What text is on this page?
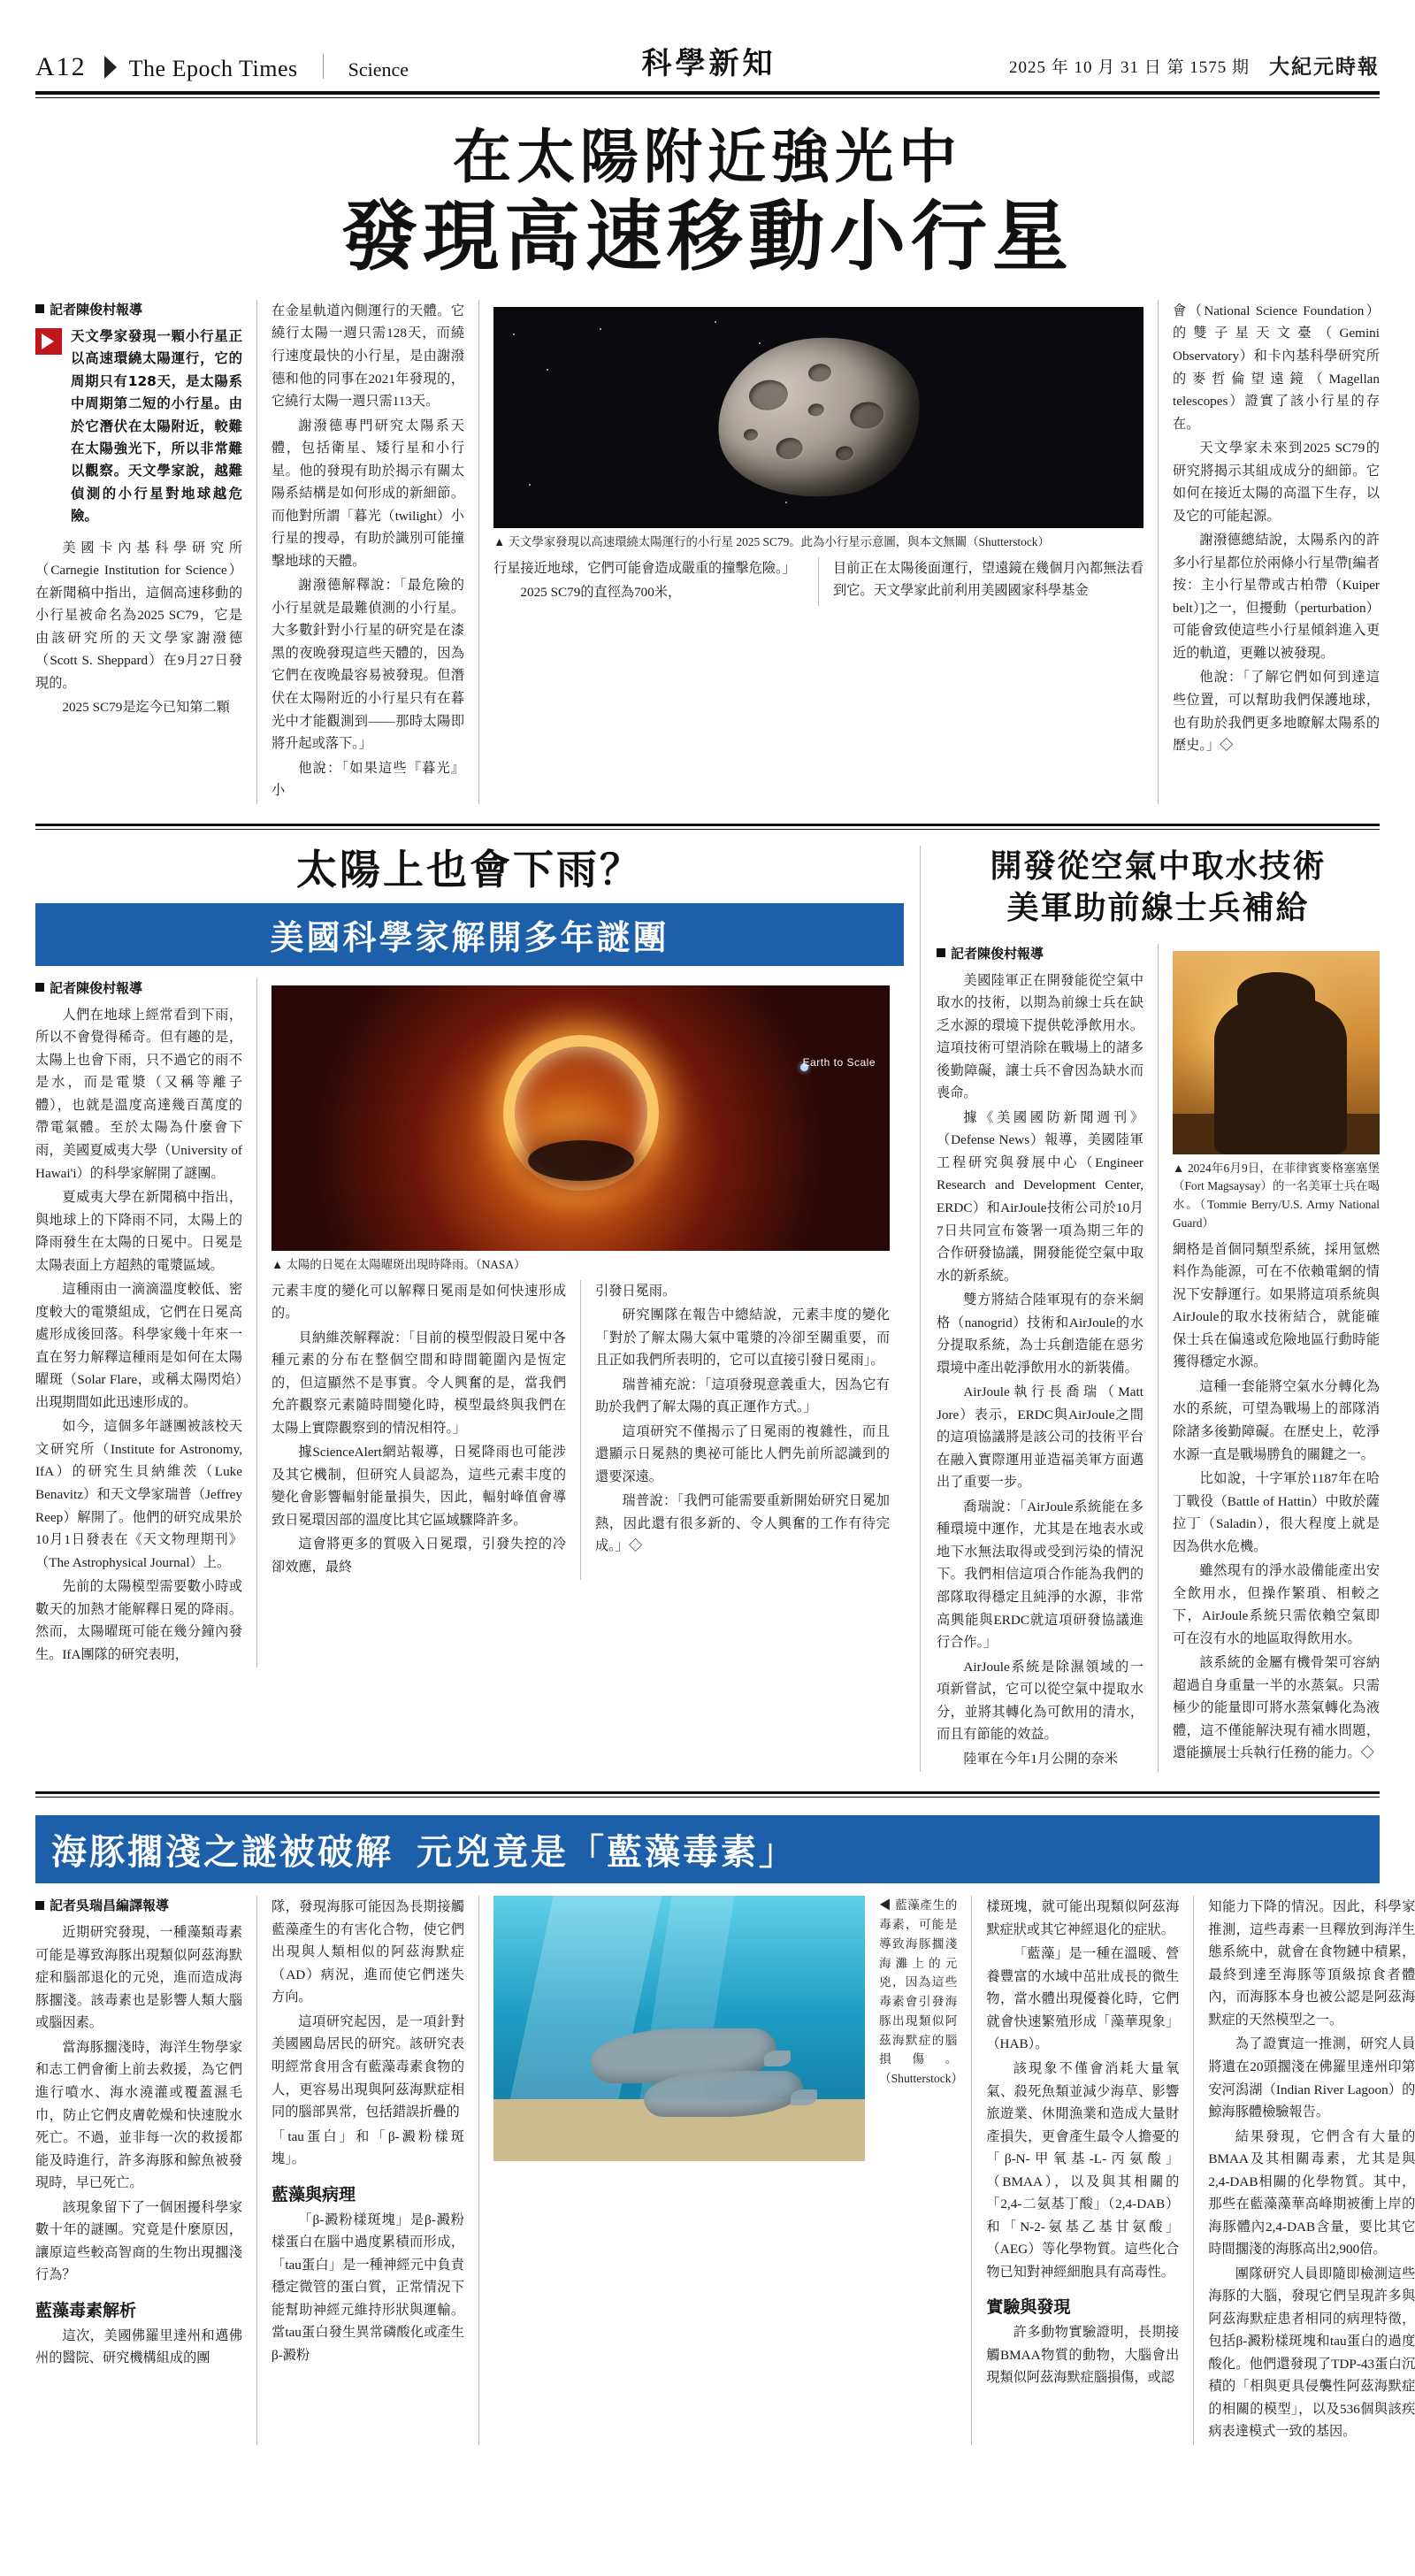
A12 The Epoch Times	Science	科學新知	2025 年 10 月 31 日 第 1575 期 大紀元時報
在太陽附近強光中
發現高速移動小行星
記者陳俊村報導
天文學家發現一顆小行星正以高速環繞太陽運行，它的周期只有128天，是太陽系中周期第二短的小行星。由於它潛伏在太陽附近，較難在太陽強光下，所以非常難以觀察。天文學家說，越難偵測的小行星對地球越危險。

美國卡內基科學研究所（Carnegie Institution for Science）在新聞稿中指出，這個高速移動的小行星被命名為2025 SC79，它是由該研究所的天文學家謝潑德（Scott S. Sheppard）在9月27日發現的。

2025 SC79是迄今已知第二顆

在金星軌道內側運行的天體。它繞行太陽一週只需128天，而繞行速度最快的小行星，是由謝潑德和他的同事在2021年發現的，它繞行太陽一週只需113天。

謝潑德專門研究太陽系天體，包括衛星、矮行星和小行星。他的發現有助於揭示有關太陽系結構是如何形成的新細節。而他對所謂「暮光（twilight）小行星的搜尋，有助於識別可能撞擊地球的天體。

謝潑德解釋說：「最危險的小行星就是最難偵測的小行星。大多數針對小行星的研究是在漆黑的夜晚發現這些天體的，因為它們在夜晚最容易被發現。但潛伏在太陽附近的小行星只有在暮光中才能觀測到——那時太陽即將升起或落下。」

他說：「如果這些『暮光』小

▲ 天文學家發現以高速環繞太陽運行的小行星 2025 SC79。此為小行星示意圖，與本文無關（Shutterstock）

行星接近地球，它們可能會造成嚴重的撞擊危險。」

2025 SC79的直徑為700米，

目前正在太陽後面運行，望遠鏡在幾個月內都無法看到它。天文學家此前利用美國國家科學基金

會（National Science Foundation）的雙子星天文臺（Gemini Observatory）和卡內基科學研究所的麥哲倫望遠鏡（Magellan telescopes）證實了該小行星的存在。

天文學家未來到2025 SC79的研究將揭示其組成成分的細節。它如何在接近太陽的高溫下生存，以及它的可能起源。

謝潑德總結說，太陽系內的許多小行星都位於兩條小行星帶[編者按：主小行星帶或古柏帶（Kuiper belt）]之一，但擾動（perturbation）可能會致使這些小行星傾斜進入更近的軌道，更難以被發現。

他說：「了解它們如何到達這些位置，可以幫助我們保護地球，也有助於我們更多地瞭解太陽系的歷史。」◇

太陽上也會下雨？
美國科學家解開多年謎團
記者陳俊村報導

人們在地球上經常看到下雨，所以不會覺得稀奇。但有趣的是，太陽上也會下雨，只不過它的雨不是水，而是電漿（又稱等離子體），也就是溫度高達幾百萬度的帶電氣體。至於太陽為什麼會下雨，美國夏威夷大學（University of Hawai'i）的科學家解開了謎團。

夏威夷大學在新聞稿中指出，與地球上的下降雨不同，太陽上的降雨發生在太陽的日冕中。日冕是太陽表面上方超熱的電漿區域。

這種雨由一滴滴溫度較低、密度較大的電漿組成，它們在日冕高處形成後回落。科學家幾十年來一直在努力解釋這種雨是如何在太陽曜斑（Solar Flare，或稱太陽閃焰）出現期間如此迅速形成的。

如今，這個多年謎團被該校天文研究所（Institute for Astronomy, IfA）的研究生貝納維茨（Luke Benavitz）和天文學家瑞普（Jeffrey Reep）解開了。他們的研究成果於10月1日發表在《天文物理期刊》（The Astrophysical Journal）上。

先前的太陽模型需要數小時或數天的加熱才能解釋日冕的降雨。然而，太陽曜斑可能在幾分鐘內發生。IfA團隊的研究表明，

Earth to Scale
▲ 太陽的日冕在太陽曜斑出現時降雨。（NASA）

元素丰度的變化可以解釋日冕雨是如何快速形成的。

貝納維茨解釋說：「目前的模型假設日冕中各種元素的分布在整個空間和時間範圍內是恆定的，但這顯然不是事實。令人興奮的是，當我們允許觀察元素隨時間變化時，模型最終與我們在太陽上實際觀察到的情況相符。」

據ScienceAlert網站報導，日冕降雨也可能涉及其它機制，但研究人員認為，這些元素丰度的變化會影響輻射能量損失，因此，輻射峰值會導致日冕環因部的溫度比其它區域驟降許多。

這會將更多的質吸入日冕環，引發失控的冷卻效應，最終

引發日冕雨。

研究團隊在報告中總結說，元素丰度的變化「對於了解太陽大氣中電漿的冷卻至關重要，而且正如我們所表明的，它可以直接引發日冕雨」。

瑞普補充說：「這項發現意義重大，因為它有助於我們了解太陽的真正運作方式。」

這項研究不僅揭示了日冕雨的複雜性，而且還顯示日冕熱的奧祕可能比人們先前所認識到的還要深遠。

瑞普說：「我們可能需要重新開始研究日冕加熱，因此還有很多新的、令人興奮的工作有待完成。」◇

開發從空氣中取水技術
美軍助前線士兵補給
記者陳俊村報導

美國陸軍正在開發能從空氣中取水的技術，以期為前線士兵在缺乏水源的環境下提供乾淨飲用水。這項技術可望消除在戰場上的諸多後勤障礙，讓士兵不會因為缺水而喪命。

據《美國國防新聞週刊》（Defense News）報導，美國陸軍工程研究與發展中心（Engineer Research and Development Center, ERDC）和AirJoule技術公司於10月7日共同宣布簽署一項為期三年的合作研發協議，開發能從空氣中取水的新系統。

雙方將結合陸軍現有的奈米網格（nanogrid）技術和AirJoule的水分提取系統，為士兵創造能在惡劣環境中產出乾淨飲用水的新裝備。

AirJoule執行長喬瑞（Matt Jore）表示，ERDC與AirJoule之間的這項協議將是該公司的技術平台在融入實際運用並造福美軍方面邁出了重要一步。

喬瑞說：「AirJoule系統能在多種環境中運作，尤其是在地表水或地下水無法取得或受到污染的情況下。我們相信這項合作能為我們的部隊取得穩定且純淨的水源，非常高興能與ERDC就這項研發協議進行合作。」

AirJoule系統是除濕領域的一項新嘗試，它可以從空氣中提取水分，並將其轉化為可飲用的清水，而且有節能的效益。

陸軍在今年1月公開的奈米

▲ 2024年6月9日，在菲律賓麥格塞塞堡（Fort Magsaysay）的一名美軍士兵在喝水。（Tommie Berry/U.S. Army National Guard）

網格是首個同類型系統，採用氫燃料作為能源，可在不依賴電網的情況下安靜運行。如果將這項系統與AirJoule的取水技術結合，就能確保士兵在偏遠或危險地區行動時能獲得穩定水源。

這種一套能將空氣水分轉化為水的系統，可望為戰場上的部隊消除諸多後勤障礙。在歷史上，乾淨水源一直是戰場勝負的關鍵之一。

比如說，十字軍於1187年在哈丁戰役（Battle of Hattin）中敗於薩拉丁（Saladin），很大程度上就是因為供水危機。

雖然現有的淨水設備能產出安全飲用水，但操作繁瑣、相較之下，AirJoule系統只需依賴空氣即可在沒有水的地區取得飲用水。

該系統的金屬有機骨架可容納超過自身重量一半的水蒸氣。只需極少的能量即可將水蒸氣轉化為液體，這不僅能解決現有補水問題，還能擴展士兵執行任務的能力。◇

海豚擱淺之謎被破解 元兇竟是「藍藻毒素」
記者吳瑞昌編譯報導

近期研究發現，一種藻類毒素可能是導致海豚出現類似阿茲海默症和腦部退化的元兇，進而造成海豚擱淺。該毒素也是影響人類大腦或腦因素。

當海豚擱淺時，海洋生物學家和志工們會衝上前去救援，為它們進行噴水、海水澆灌或覆蓋濕毛巾，防止它們皮膚乾燥和快速脫水死亡。不過，並非每一次的救援都能及時進行，許多海豚和鯨魚被發現時，早已死亡。

該現象留下了一個困擾科學家數十年的謎團。究竟是什麼原因，讓原這些較高智商的生物出現擱淺行為？

藍藻毒素解析

這次，美國佛羅里達州和邁佛州的醫院、研究機構組成的團

隊，發現海豚可能因為長期接觸藍藻產生的有害化合物，使它們出現與人類相似的阿茲海默症（AD）病況，進而使它們迷失方向。

這項研究起因，是一項針對美國國島居民的研究。該研究表明經常食用含有藍藻毒素食物的人，更容易出現與阿茲海默症相同的腦部異常，包括錯誤折疊的

「tau蛋白」和「β-澱粉樣斑塊」。

藍藻與病理

「β-澱粉樣斑塊」是β-澱粉樣蛋白在腦中過度累積而形成，「tau蛋白」是一種神經元中負責穩定微管的蛋白質，正常情況下能幫助神經元維持形狀與運輸。當tau蛋白發生異常磷酸化或產生β-澱粉

◀ 藍藻產生的毒素，可能是導致海豚擱淺海灘上的元兇，因為這些毒素會引發海豚出現類似阿茲海默症的腦損傷。（Shutterstock）

樣斑塊，就可能出現類似阿茲海默症狀或其它神經退化的症狀。

「藍藻」是一種在溫暖、營養豐富的水域中茁壯成長的微生物，當水體出現優養化時，它們就會快速繁殖形成「藻華現象」（HAB）。

該現象不僅會消耗大量氧氣、殺死魚類並減少海草、影響旅遊業、休閒漁業和造成大量財產損失，更會產生最令人擔憂的「β-N-甲氧基-L-丙氨酸」（BMAA），以及與其相關的「2,4-二氨基丁酸」（2,4-DAB）和「N-2-氨基乙基甘氨酸」（AEG）等化學物質。這些化合物已知對神經細胞具有高毒性。

實驗與發現

許多動物實驗證明，長期接觸BMAA物質的動物，大腦會出現類似阿茲海默症腦損傷，或認

知能力下降的情況。因此，科學家推測，這些毒素一旦釋放到海洋生態系統中，就會在食物鏈中積累，最終到達至海豚等頂級掠食者體內，而海豚本身也被公認是阿茲海默症的天然模型之一。

為了證實這一推測，研究人員將遺在20頭擱淺在佛羅里達州印第安河潟湖（Indian River Lagoon）的鯨海豚體檢驗報告。

結果發現，它們含有大量的BMAA及其相關毒素，尤其是與2,4-DAB相關的化學物質。其中，那些在藍藻藻華高峰期被衝上岸的海豚體內2,4-DAB含量，要比其它時間擱淺的海豚高出2,900倍。

團隊研究人員即隨即檢測這些海豚的大腦，發現它們呈現許多與阿茲海默症患者相同的病理特徵，包括β-澱粉樣斑塊和tau蛋白的過度酸化。他們還發現了TDP-43蛋白沉積的「相與更具侵襲性阿茲海默症的相關的模型」，以及536個與該疾病表達模式一致的基因。
